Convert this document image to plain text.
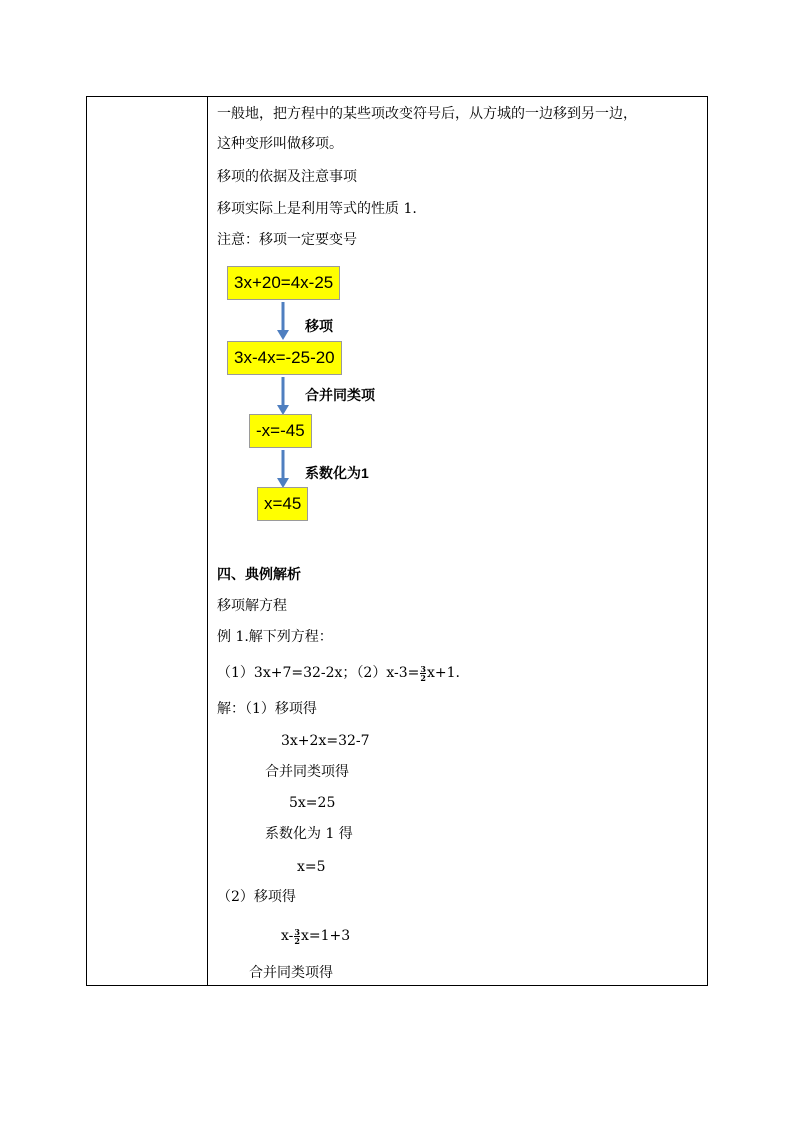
一般地，把方程中的某些项改变符号后，从方城的一边移到另一边，
这种变形叫做移项。
移项的依据及注意事项
移项实际上是利用等式的性质 1.
注意：移项一定要变号
3x+20=4x-25
移项
3x-4x=-25-20
合并同类项
-x=-45
系数化为1
x=45
四、典例解析
移项解方程
例 1.解下列方程：
（1）3x+7=32-2x；$(2)x-3= \frac{3}{2} x+1$.
解：（1）移项得
3x+2x=32-7
合并同类项得
5x=25
系数化为 1 得
x=5
（2）移项得
$x- \frac{3}{2} x=1+3$
合并同类项得
